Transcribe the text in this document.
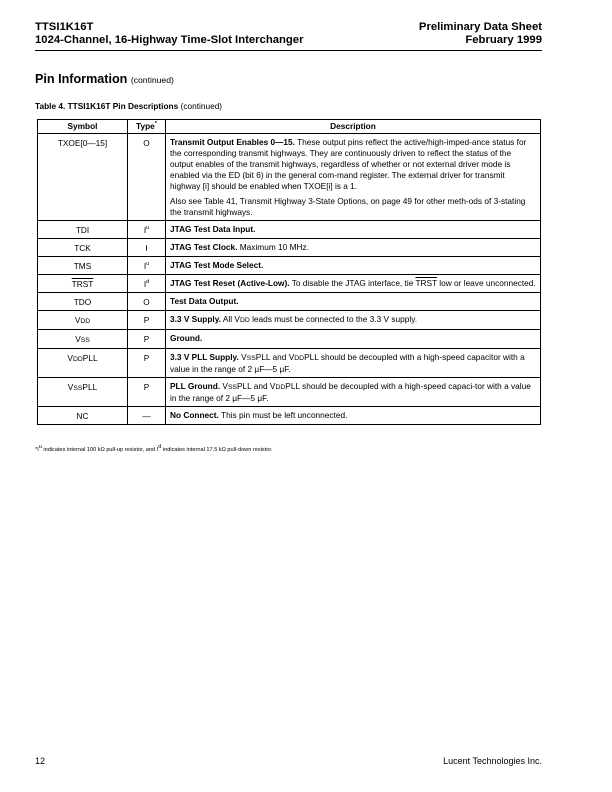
TTSI1K16T
1024-Channel, 16-Highway Time-Slot Interchanger
Preliminary Data Sheet
February 1999
Pin Information (continued)
Table 4. TTSI1K16T Pin Descriptions (continued)
Symbol	Type*	Description
TXOE[0—15]	O	Transmit Output Enables 0—15. These output pins reflect the active/high-imped-ance status for the corresponding transmit highways. They are continuously driven to reflect the status of the output enables of the transmit highways, regardless of whether or not external driver mode is enabled via the ED (bit 6) in the general com-mand register. The external driver for transmit highway [i] should be enabled when TXOE[i] is a 1.

Also see Table 41, Transmit Highway 3-State Options, on page 49 for other meth-ods of 3-stating the transmit highways.

TDI	$I^u$	JTAG Test Data Input.
TCK	I	JTAG Test Clock. Maximum 10 MHz.
TMS	$I^u$	JTAG Test Mode Select.
TRST	$I^d$	JTAG Test Reset (Active-Low). To disable the JTAG interface, tie TRST low or leave unconnected.
TDO	O	Test Data Output.
VDD	P	3.3 V Supply. All VDD leads must be connected to the 3.3 V supply.
VSS	P	Ground.
VDDPLL	P	3.3 V PLL Supply. VSSPLL and VDDPLL should be decoupled with a high-speed capacitor with a value in the range of 2 μF—5 μF.
VSSPLL	P	PLL Ground. VSSPLL and VDDPLL should be decoupled with a high-speed capaci-tor with a value in the range of 2 μF—5 μF.
NC	—	No Connect. This pin must be left unconnected.
$*I^u$ indicates internal 100 kΩ pull-up resistor, and $I^d$ indicates internal 17.5 kΩ pull-down resistor.
12	Lucent Technologies Inc.
